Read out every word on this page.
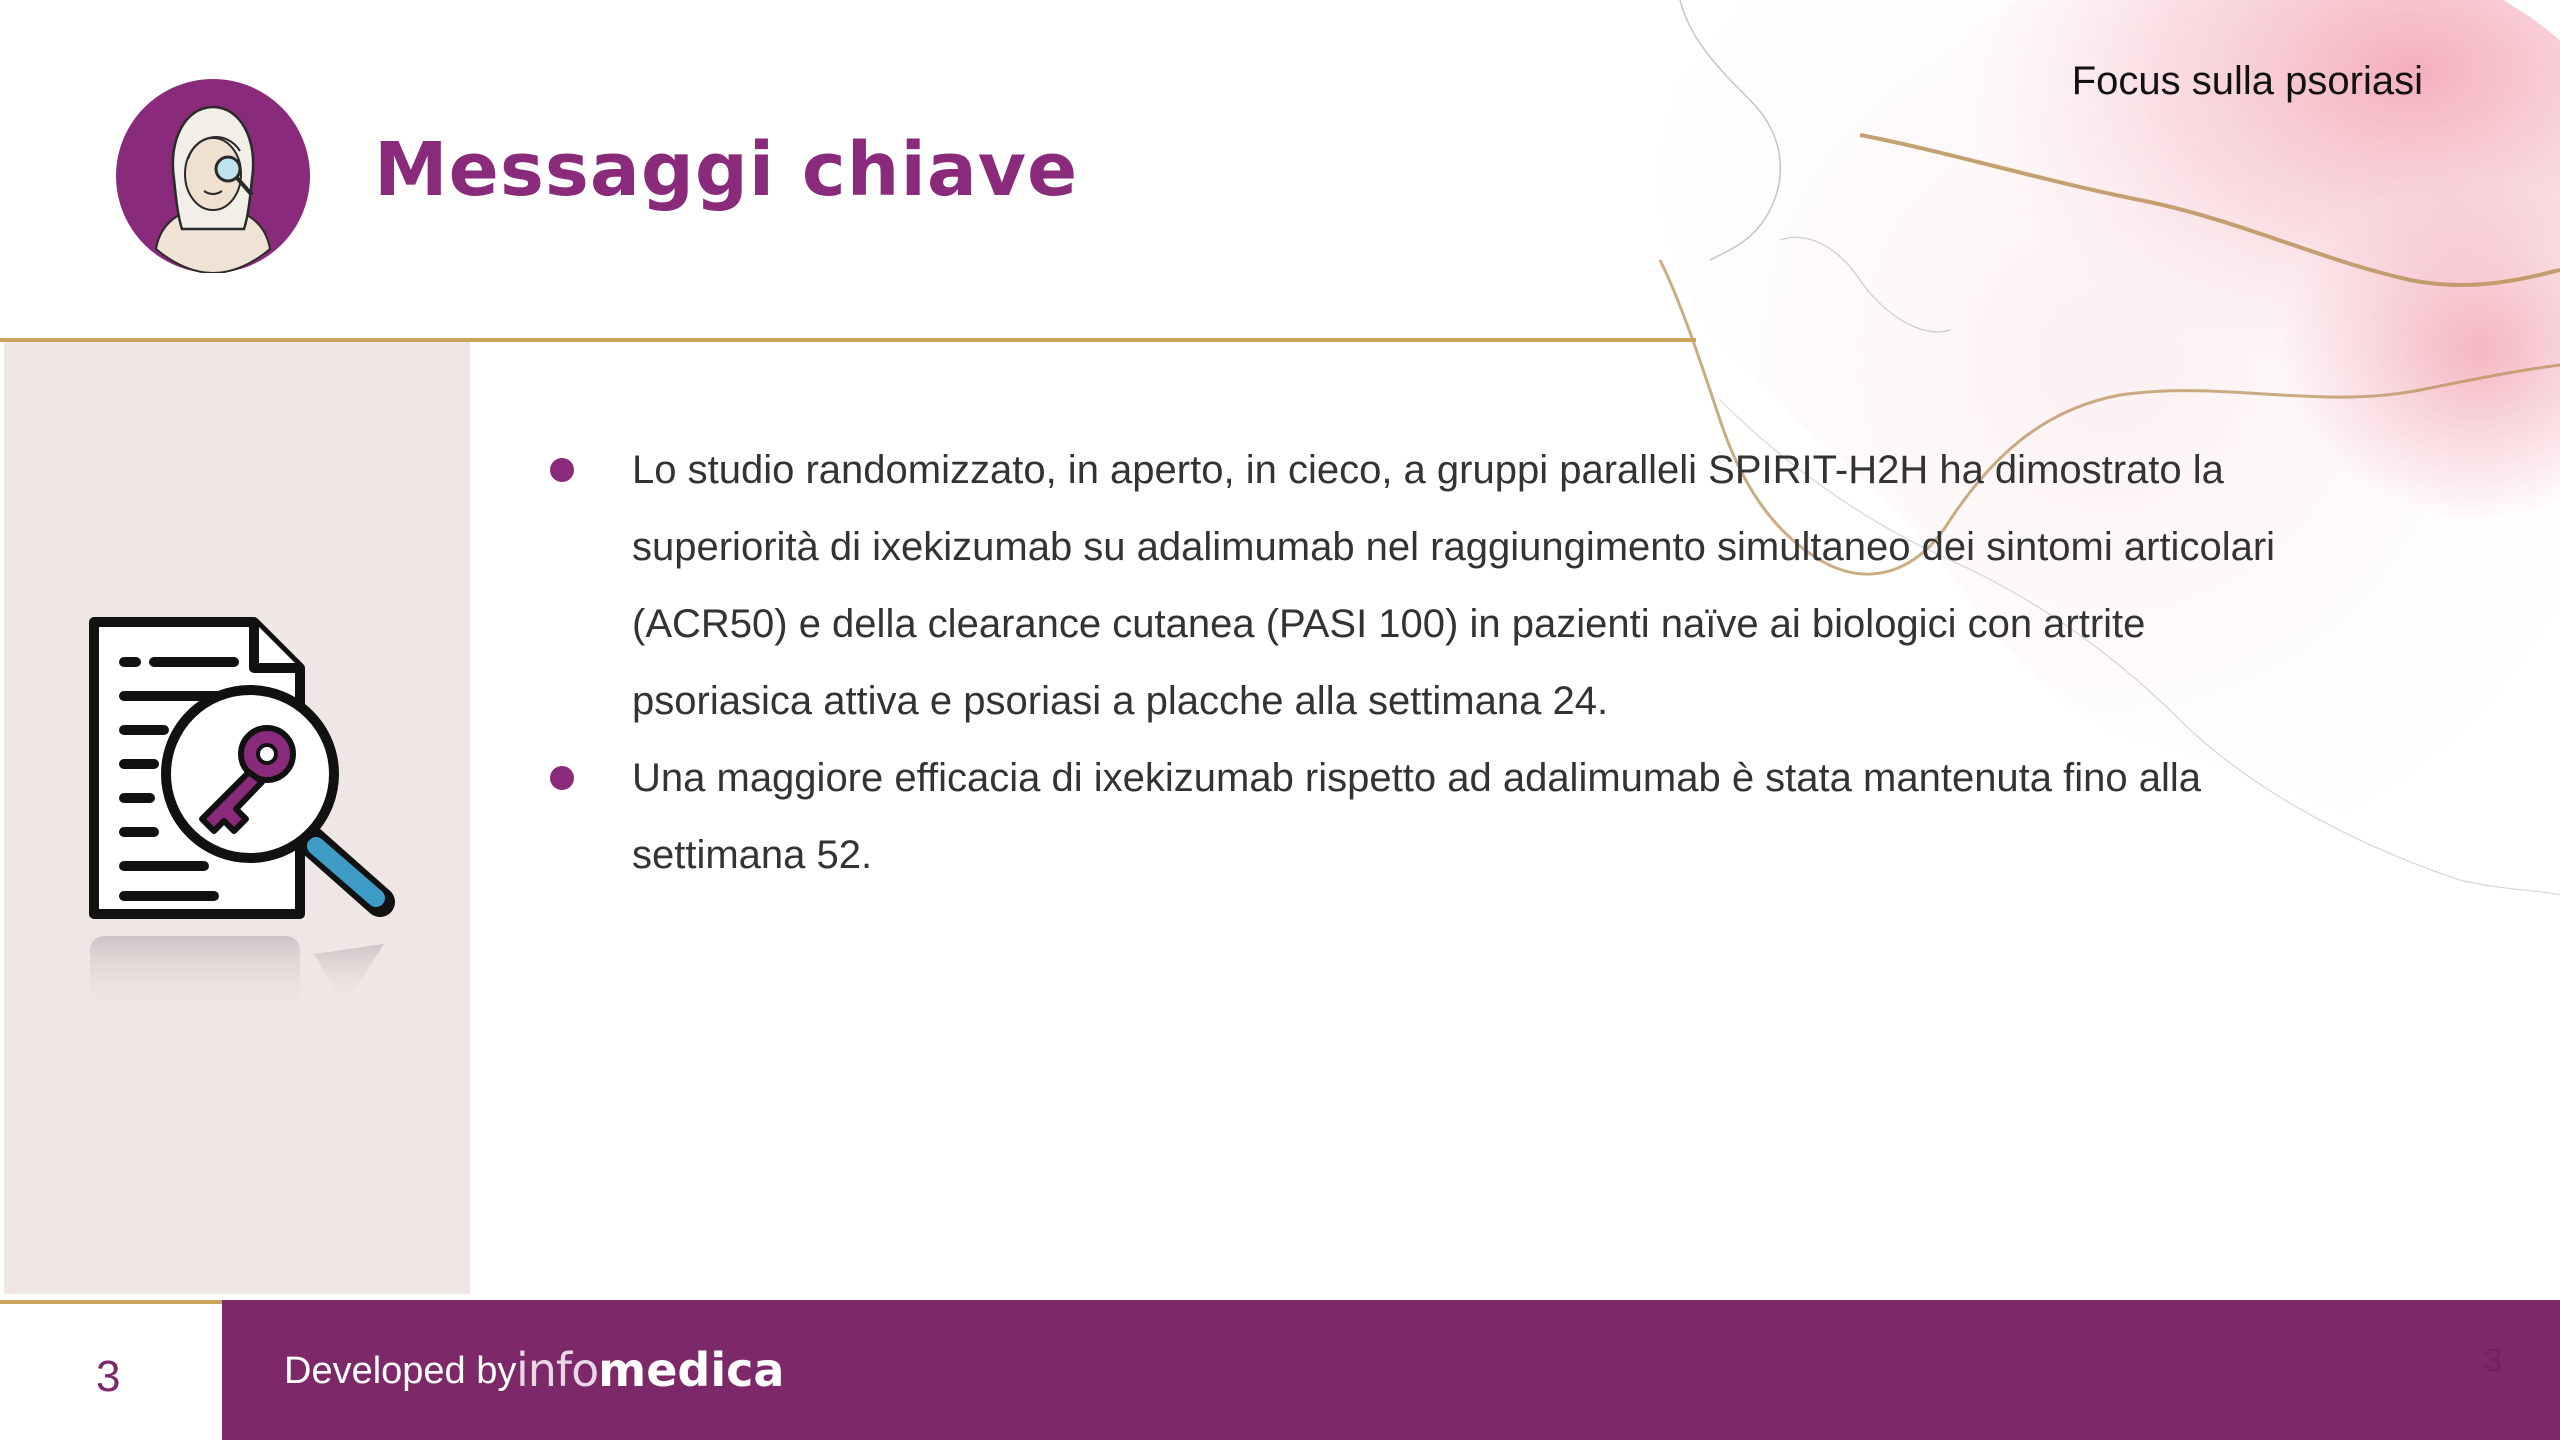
Messaggi chiave
Focus sulla psoriasi
Lo studio randomizzato, in aperto, in cieco, a gruppi paralleli SPIRIT-H2H ha dimostrato la superiorità di ixekizumab su adalimumab nel raggiungimento simultaneo dei sintomi articolari (ACR50) e della clearance cutanea (PASI 100) in pazienti naïve ai biologici con artrite psoriasica attiva e psoriasi a placche alla settimana 24.
Una maggiore efficacia di ixekizumab rispetto ad adalimumab è stata mantenuta fino alla settimana 52.
3	Developed by infomedica	3
